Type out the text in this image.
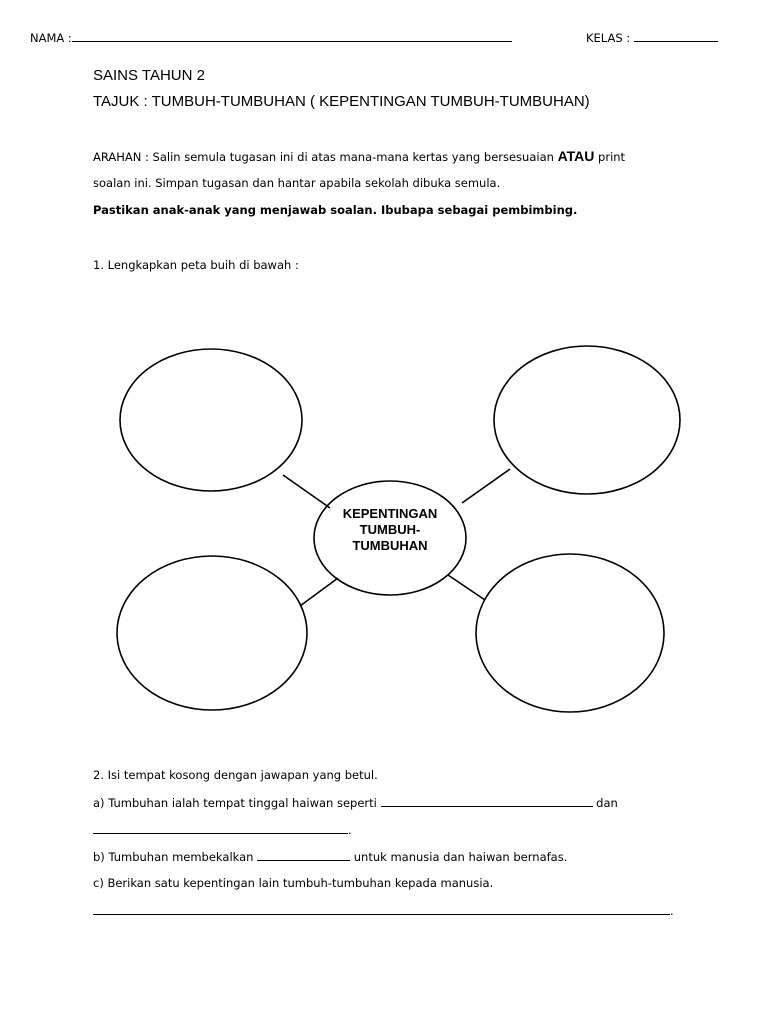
NAMA :	KELAS :
SAINS TAHUN 2
TAJUK : TUMBUH-TUMBUHAN ( KEPENTINGAN TUMBUH-TUMBUHAN)
ARAHAN : Salin semula tugasan ini di atas mana-mana kertas yang bersesuaian ATAU print
soalan ini. Simpan tugasan dan hantar apabila sekolah dibuka semula.
Pastikan anak-anak yang menjawab soalan. Ibubapa sebagai pembimbing.
1. Lengkapkan peta buih di bawah :
KEPENTINGAN
TUMBUH-
TUMBUHAN
2. Isi tempat kosong dengan jawapan yang betul.
a) Tumbuhan ialah tempat tinggal haiwan seperti	dan
.
b) Tumbuhan membekalkan	untuk manusia dan haiwan bernafas.
c) Berikan satu kepentingan lain tumbuh-tumbuhan kepada manusia.
.
